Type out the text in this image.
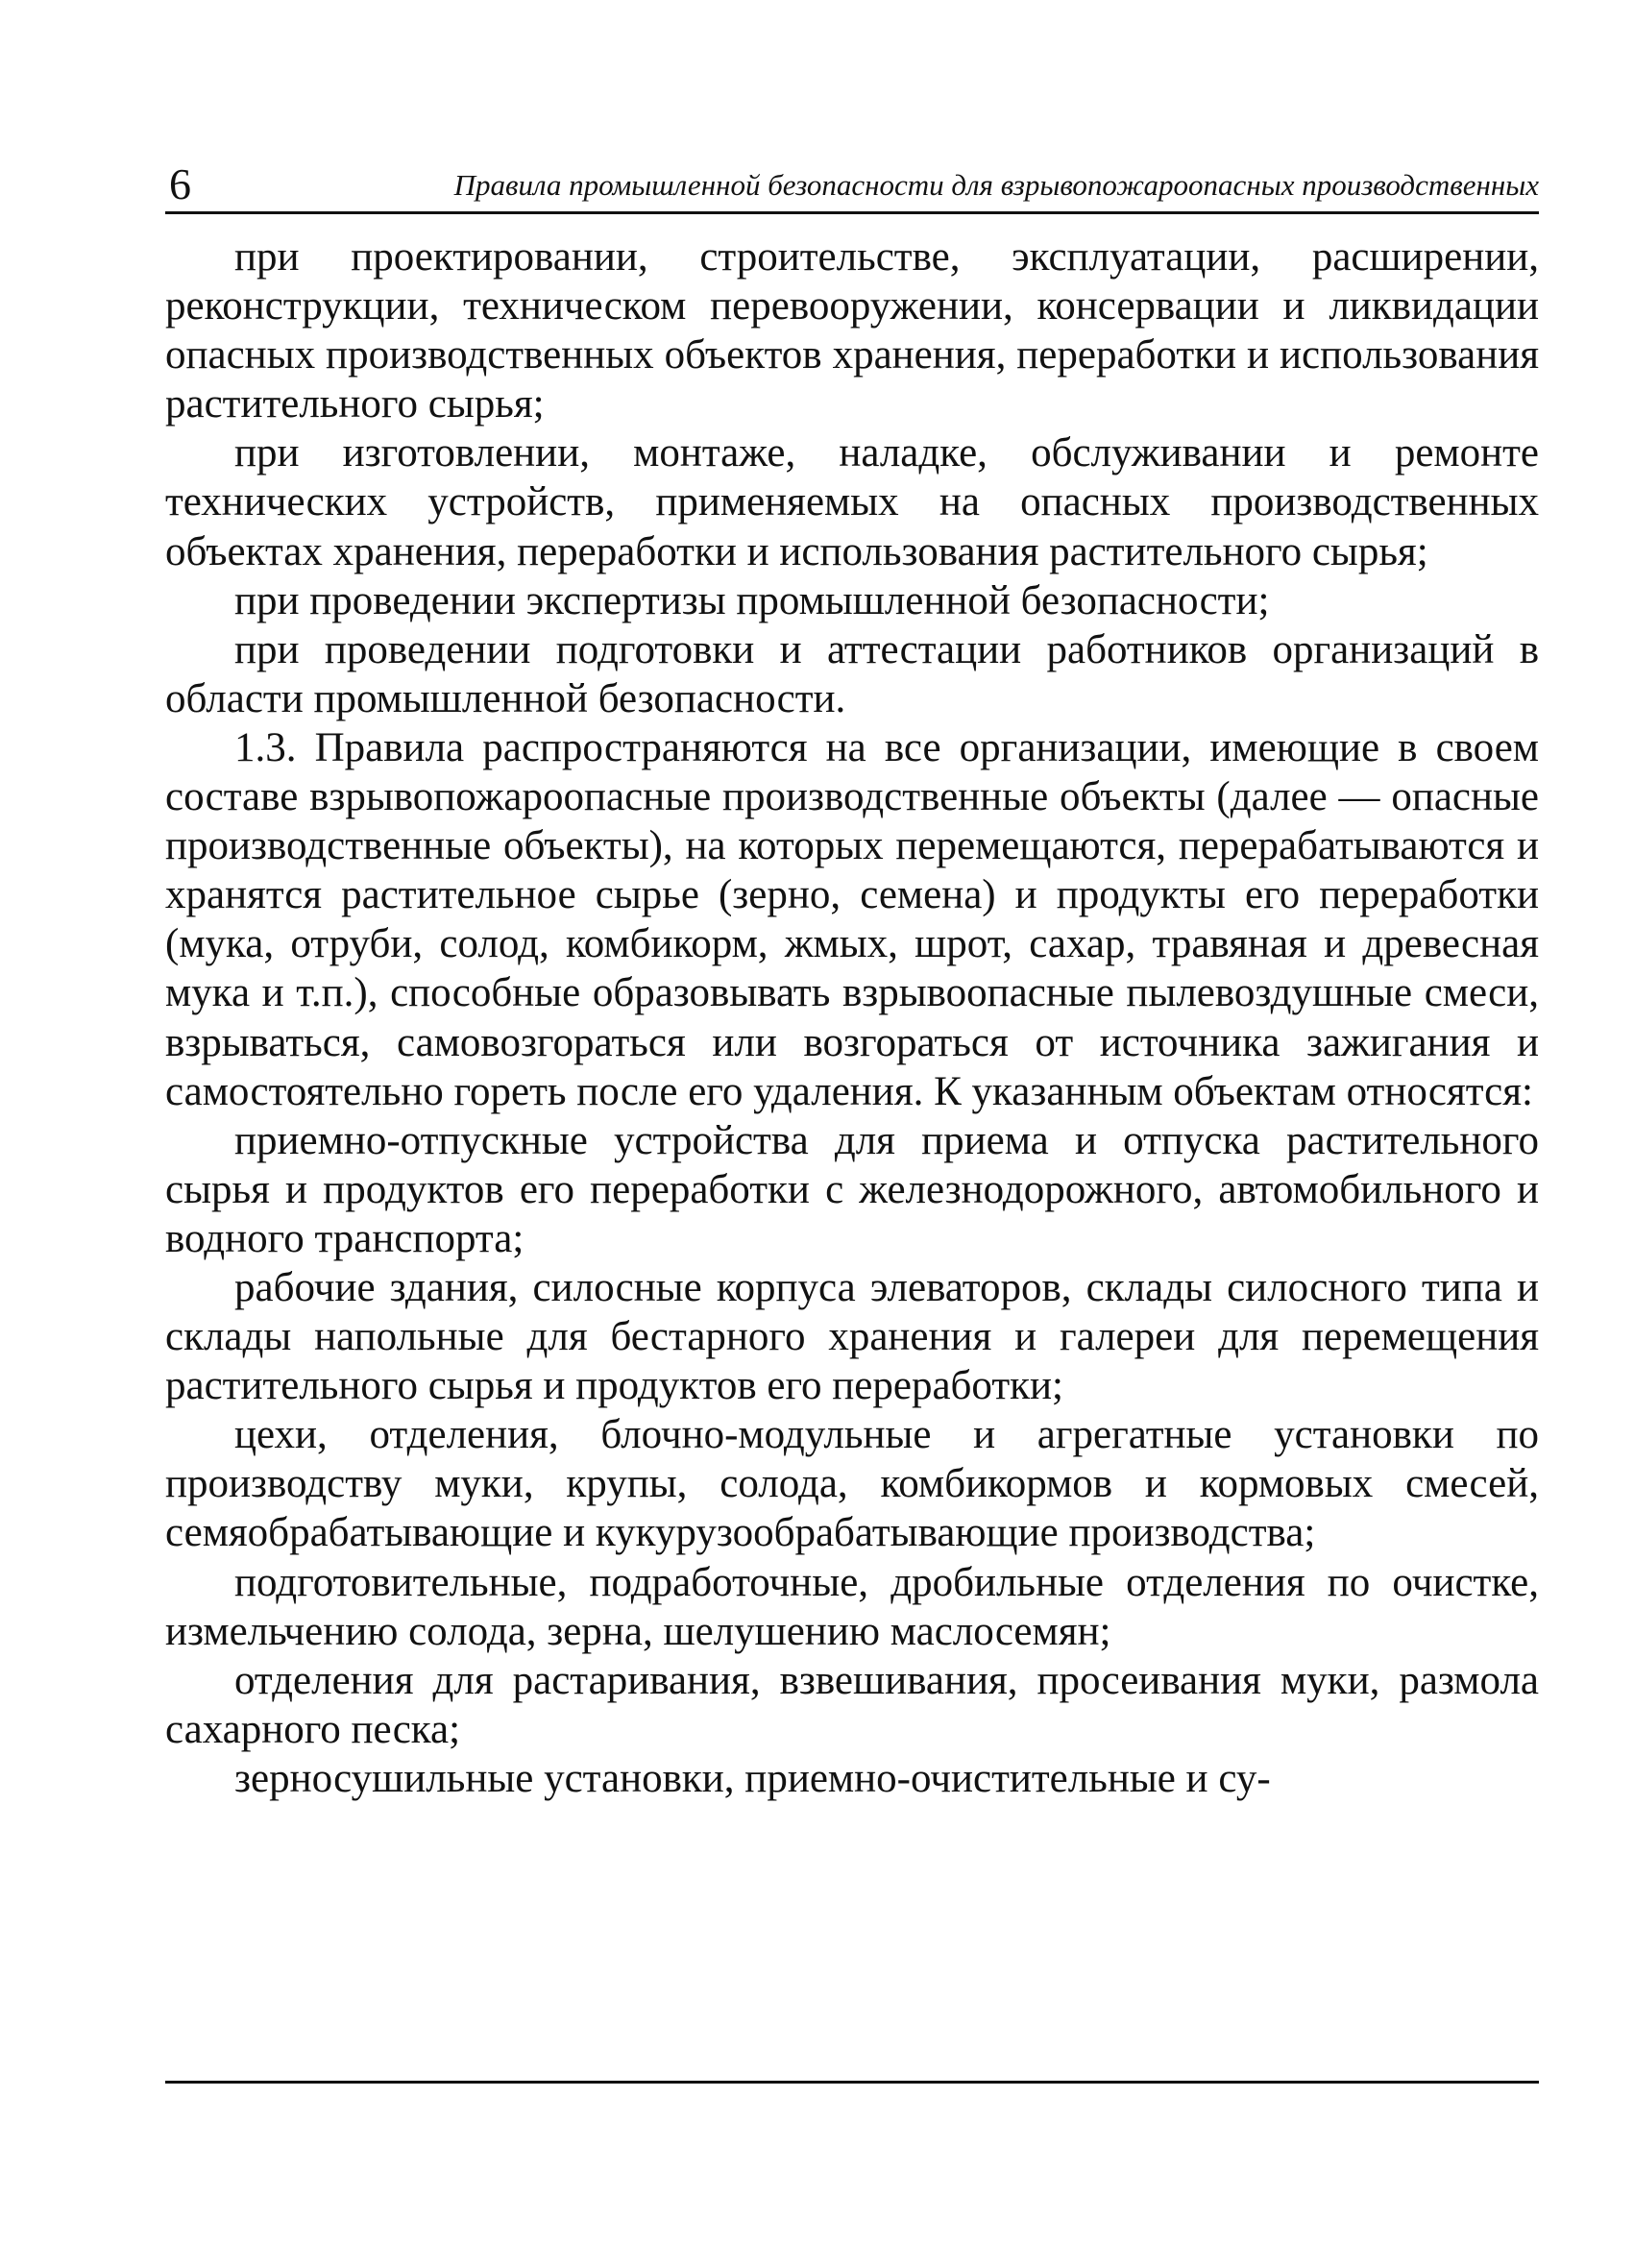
6	Правила промышленной безопасности для взрывопожароопасных производственных

при проектировании, строительстве, эксплуатации, расширении, реконструкции, техническом перевооружении, консервации и ликвидации опасных производственных объектов хранения, переработки и использования растительного сырья;

при изготовлении, монтаже, наладке, обслуживании и ремонте технических устройств, применяемых на опасных производственных объектах хранения, переработки и использования растительного сырья;

при проведении экспертизы промышленной безопасности;

при проведении подготовки и аттестации работников организаций в области промышленной безопасности.

1.3. Правила распространяются на все организации, имеющие в своем составе взрывопожароопасные производственные объекты (далее — опасные производственные объекты), на которых перемещаются, перерабатываются и хранятся растительное сырье (зерно, семена) и продукты его переработки (мука, отруби, солод, комбикорм, жмых, шрот, сахар, травяная и древесная мука и т.п.), способные образовывать взрывоопасные пылевоздушные смеси, взрываться, самовозгораться или возгораться от источника зажигания и самостоятельно гореть после его удаления. К указанным объектам относятся:

приемно-отпускные устройства для приема и отпуска растительного сырья и продуктов его переработки с железнодорожного, автомобильного и водного транспорта;

рабочие здания, силосные корпуса элеваторов, склады силосного типа и склады напольные для бестарного хранения и галереи для перемещения растительного сырья и продуктов его переработки;

цехи, отделения, блочно-модульные и агрегатные установки по производству муки, крупы, солода, комбикормов и кормовых смесей, семяобрабатывающие и кукурузообрабатывающие производства;

подготовительные, подработочные, дробильные отделения по очистке, измельчению солода, зерна, шелушению маслосемян;

отделения для растаривания, взвешивания, просеивания муки, размола сахарного песка;

зерносушильные установки, приемно-очистительные и су-
